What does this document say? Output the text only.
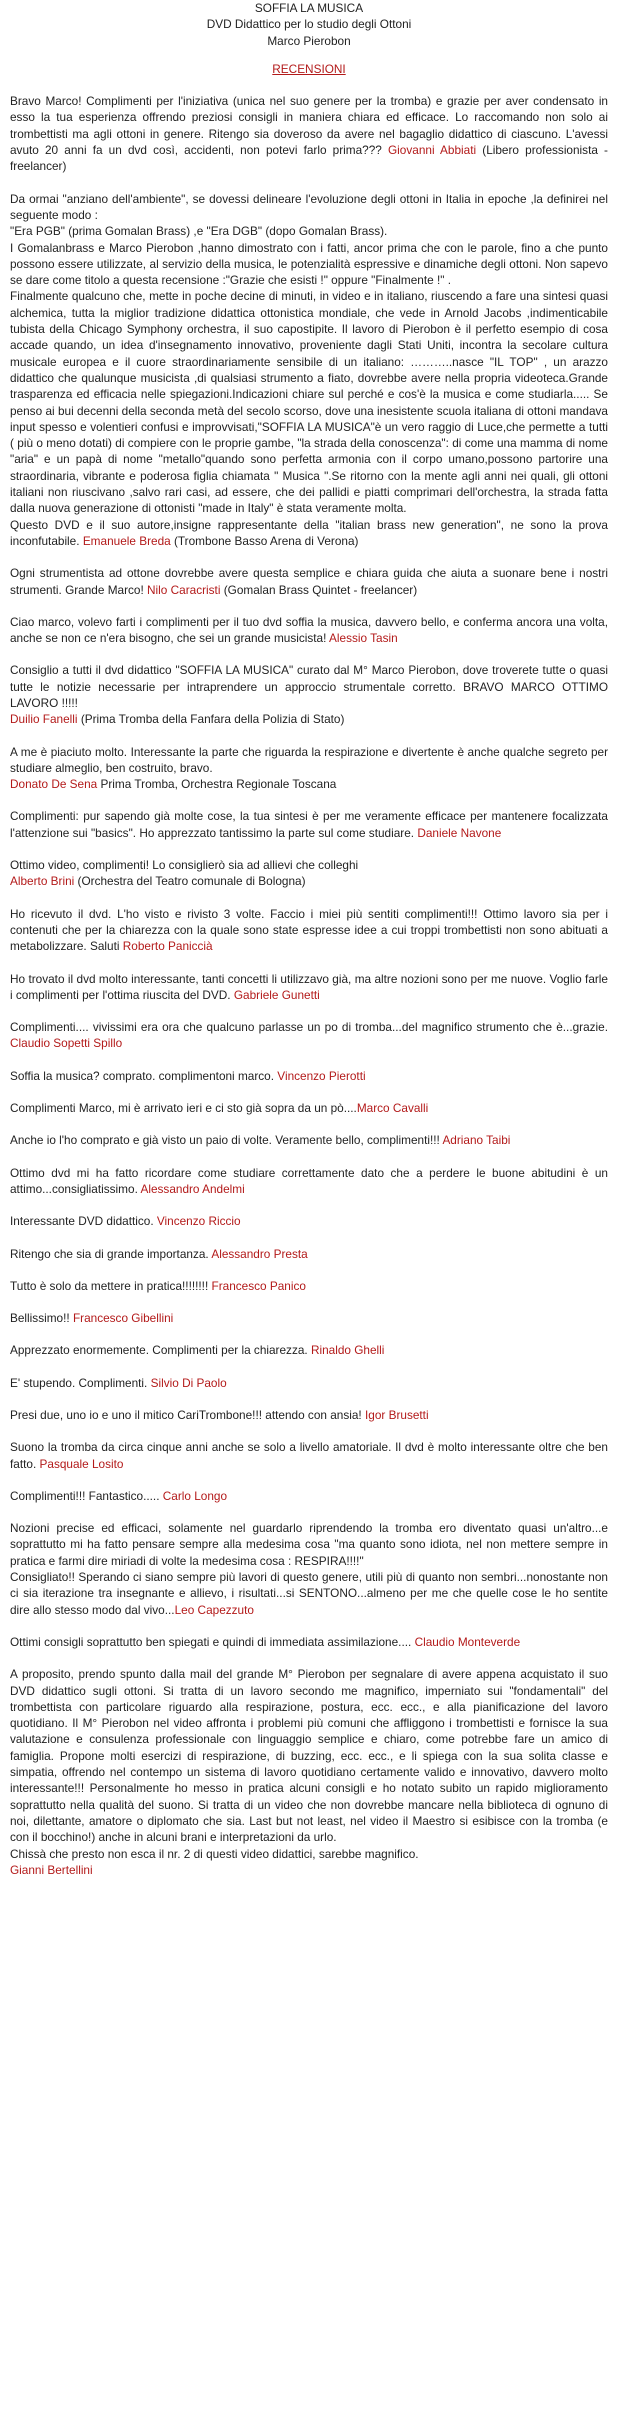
SOFFIA LA MUSICA
DVD Didattico per lo studio degli Ottoni
Marco Pierobon
RECENSIONI

Bravo Marco! Complimenti per l'iniziativa (unica nel suo genere per la tromba) e grazie per aver condensato in esso la tua esperienza offrendo preziosi consigli in maniera chiara ed efficace. Lo raccomando non solo ai trombettisti ma agli ottoni in genere. Ritengo sia doveroso da avere nel bagaglio didattico di ciascuno. L'avessi avuto 20 anni fa un dvd così, accidenti, non potevi farlo prima??? Giovanni Abbiati (Libero professionista - freelancer)

Da ormai "anziano dell'ambiente", se dovessi delineare l'evoluzione degli ottoni in Italia in epoche ,la definirei nel seguente modo :

"Era PGB" (prima Gomalan Brass) ,e "Era DGB" (dopo Gomalan Brass).

I Gomalanbrass e Marco Pierobon ,hanno dimostrato con i fatti, ancor prima che con le parole, fino a che punto possono essere utilizzate, al servizio della musica, le potenzialità espressive e dinamiche degli ottoni. Non sapevo se dare come titolo a questa recensione :"Grazie che esisti !" oppure "Finalmente !" .

Finalmente qualcuno che, mette in poche decine di minuti, in video e in italiano, riuscendo a fare una sintesi quasi alchemica, tutta la miglior tradizione didattica ottonistica mondiale, che vede in Arnold Jacobs ,indimenticabile tubista della Chicago Symphony orchestra, il suo capostipite. Il lavoro di Pierobon è il perfetto esempio di cosa accade quando, un idea d'insegnamento innovativo, proveniente dagli Stati Uniti, incontra la secolare cultura musicale europea e il cuore straordinariamente sensibile di un italiano: ………..nasce "IL TOP" , un arazzo didattico che qualunque musicista ,di qualsiasi strumento a fiato, dovrebbe avere nella propria videoteca.Grande trasparenza ed efficacia nelle spiegazioni.Indicazioni chiare sul perché e cos'è la musica e come studiarla..... Se penso ai bui decenni della seconda metà del secolo scorso, dove una inesistente scuola italiana di ottoni mandava input spesso e volentieri confusi e improvvisati,"SOFFIA LA MUSICA"è un vero raggio di Luce,che permette a tutti ( più o meno dotati) di compiere con le proprie gambe, "la strada della conoscenza": di come una mamma di nome "aria" e un papà di nome "metallo"quando sono perfetta armonia con il corpo umano,possono partorire una straordinaria, vibrante e poderosa figlia chiamata " Musica ".Se ritorno con la mente agli anni nei quali, gli ottoni italiani non riuscivano ,salvo rari casi, ad essere, che dei pallidi e piatti comprimari dell'orchestra, la strada fatta dalla nuova generazione di ottonisti "made in Italy" è stata veramente molta.

Questo DVD e il suo autore,insigne rappresentante della "italian brass new generation", ne sono la prova inconfutabile. Emanuele Breda (Trombone Basso Arena di Verona)

Ogni strumentista ad ottone dovrebbe avere questa semplice e chiara guida che aiuta a suonare bene i nostri strumenti. Grande Marco! Nilo Caracristi (Gomalan Brass Quintet - freelancer)

Ciao marco, volevo farti i complimenti per il tuo dvd soffia la musica, davvero bello, e conferma ancora una volta, anche se non ce n'era bisogno, che sei un grande musicista! Alessio Tasin

Consiglio a tutti il dvd didattico "SOFFIA LA MUSICA" curato dal M° Marco Pierobon, dove troverete tutte o quasi tutte le notizie necessarie per intraprendere un approccio strumentale corretto. BRAVO MARCO OTTIMO LAVORO !!!!!

Duilio Fanelli (Prima Tromba della Fanfara della Polizia di Stato)

A me è piaciuto molto. Interessante la parte che riguarda la respirazione e divertente è anche qualche segreto per studiare almeglio, ben costruito, bravo.

Donato De Sena Prima Tromba, Orchestra Regionale Toscana

Complimenti: pur sapendo già molte cose, la tua sintesi è per me veramente efficace per mantenere focalizzata l'attenzione sui "basics". Ho apprezzato tantissimo la parte sul come studiare. Daniele Navone

Ottimo video, complimenti! Lo consiglierò sia ad allievi che colleghi

Alberto Brini (Orchestra del Teatro comunale di Bologna)

Ho ricevuto il dvd. L'ho visto e rivisto 3 volte. Faccio i miei più sentiti complimenti!!! Ottimo lavoro sia per i contenuti che per la chiarezza con la quale sono state espresse idee a cui troppi trombettisti non sono abituati a metabolizzare. Saluti Roberto Paniccià

Ho trovato il dvd molto interessante, tanti concetti li utilizzavo già, ma altre nozioni sono per me nuove. Voglio farle i complimenti per l'ottima riuscita del DVD. Gabriele Gunetti

Complimenti.... vivissimi era ora che qualcuno parlasse un po di tromba...del magnifico strumento che è...grazie. Claudio Sopetti Spillo

Soffia la musica? comprato. complimentoni marco. Vincenzo Pierotti

Complimenti Marco, mi è arrivato ieri e ci sto già sopra da un pò....Marco Cavalli

Anche io l'ho comprato e già visto un paio di volte. Veramente bello, complimenti!!! Adriano Taibi

Ottimo dvd mi ha fatto ricordare come studiare correttamente dato che a perdere le buone abitudini è un attimo...consigliatissimo. Alessandro Andelmi

Interessante DVD didattico. Vincenzo Riccio

Ritengo che sia di grande importanza. Alessandro Presta

Tutto è solo da mettere in pratica!!!!!!!! Francesco Panico

Bellissimo!! Francesco Gibellini

Apprezzato enormemente. Complimenti per la chiarezza. Rinaldo Ghelli

E' stupendo. Complimenti. Silvio Di Paolo

Presi due, uno io e uno il mitico CariTrombone!!! attendo con ansia! Igor Brusetti

Suono la tromba da circa cinque anni anche se solo a livello amatoriale. Il dvd è molto interessante oltre che ben fatto. Pasquale Losito

Complimenti!!! Fantastico..... Carlo Longo

Nozioni precise ed efficaci, solamente nel guardarlo riprendendo la tromba ero diventato quasi un'altro...e soprattutto mi ha fatto pensare sempre alla medesima cosa "ma quanto sono idiota, nel non mettere sempre in pratica e farmi dire miriadi di volte la medesima cosa : RESPIRA!!!!"

Consigliato!! Sperando ci siano sempre più lavori di questo genere, utili più di quanto non sembri...nonostante non ci sia iterazione tra insegnante e allievo, i risultati...si SENTONO...almeno per me che quelle cose le ho sentite dire allo stesso modo dal vivo...Leo Capezzuto

Ottimi consigli soprattutto ben spiegati e quindi di immediata assimilazione.... Claudio Monteverde

A proposito, prendo spunto dalla mail del grande M° Pierobon per segnalare di avere appena acquistato il suo DVD didattico sugli ottoni. Si tratta di un lavoro secondo me magnifico, imperniato sui "fondamentali" del trombettista con particolare riguardo alla respirazione, postura, ecc. ecc., e alla pianificazione del lavoro quotidiano. Il M° Pierobon nel video affronta i problemi più comuni che affliggono i trombettisti e fornisce la sua valutazione e consulenza professionale con linguaggio semplice e chiaro, come potrebbe fare un amico di famiglia. Propone molti esercizi di respirazione, di buzzing, ecc. ecc., e li spiega con la sua solita classe e simpatia, offrendo nel contempo un sistema di lavoro quotidiano certamente valido e innovativo, davvero molto interessante!!! Personalmente ho messo in pratica alcuni consigli e ho notato subito un rapido miglioramento soprattutto nella qualità del suono. Si tratta di un video che non dovrebbe mancare nella biblioteca di ognuno di noi, dilettante, amatore o diplomato che sia. Last but not least, nel video il Maestro si esibisce con la tromba (e con il bocchino!) anche in alcuni brani e interpretazioni da urlo.

Chissà che presto non esca il nr. 2 di questi video didattici, sarebbe magnifico.

Gianni Bertellini
